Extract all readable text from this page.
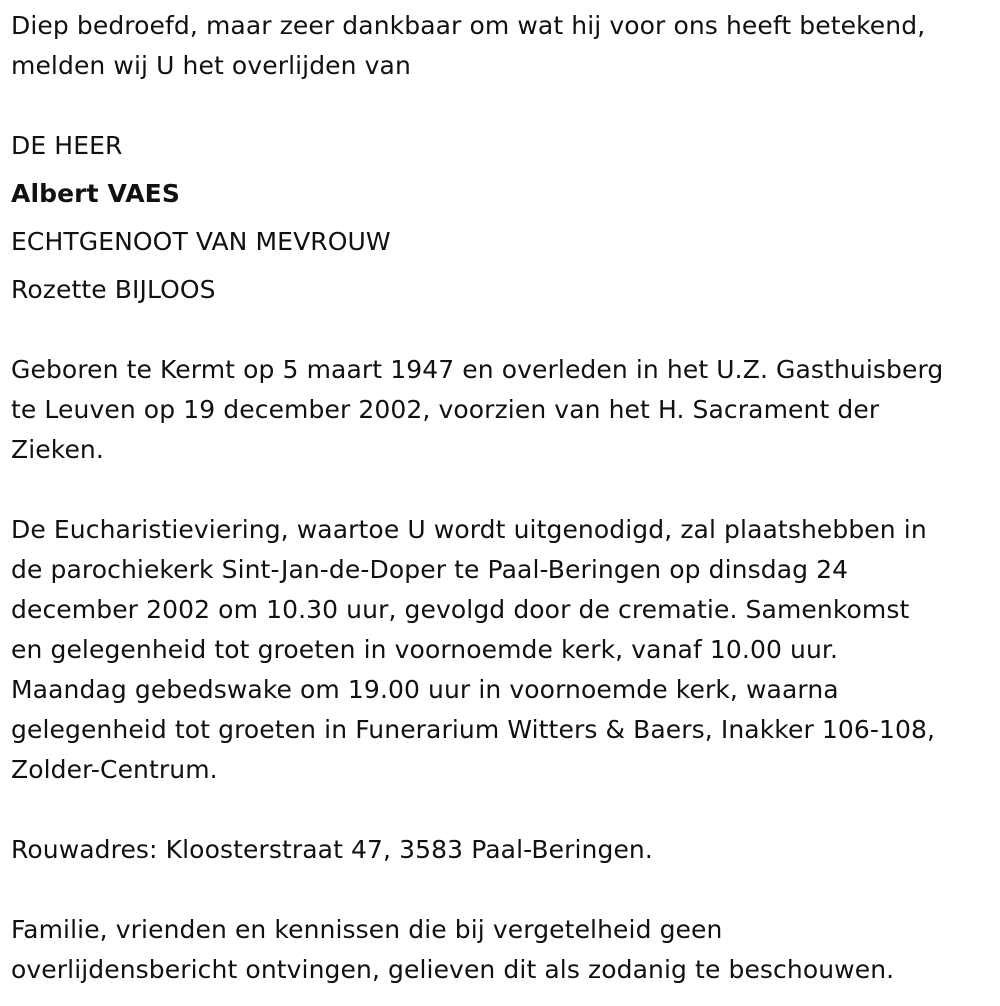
Diep bedroefd, maar zeer dankbaar om wat hij voor ons heeft betekend,
melden wij U het overlijden van

DE HEER
Albert VAES
ECHTGENOOT VAN MEVROUW
Rozette BIJLOOS

Geboren te Kermt op 5 maart 1947 en overleden in het U.Z. Gasthuisberg
te Leuven op 19 december 2002, voorzien van het H. Sacrament der
Zieken.

De Eucharistieviering, waartoe U wordt uitgenodigd, zal plaatshebben in
de parochiekerk Sint-Jan-de-Doper te Paal-Beringen op dinsdag 24
december 2002 om 10.30 uur, gevolgd door de crematie. Samenkomst
en gelegenheid tot groeten in voornoemde kerk, vanaf 10.00 uur.
Maandag gebedswake om 19.00 uur in voornoemde kerk, waarna
gelegenheid tot groeten in Funerarium Witters & Baers, Inakker 106-108,
Zolder-Centrum.

Rouwadres: Kloosterstraat 47, 3583 Paal-Beringen.

Familie, vrienden en kennissen die bij vergetelheid geen
overlijdensbericht ontvingen, gelieven dit als zodanig te beschouwen.
